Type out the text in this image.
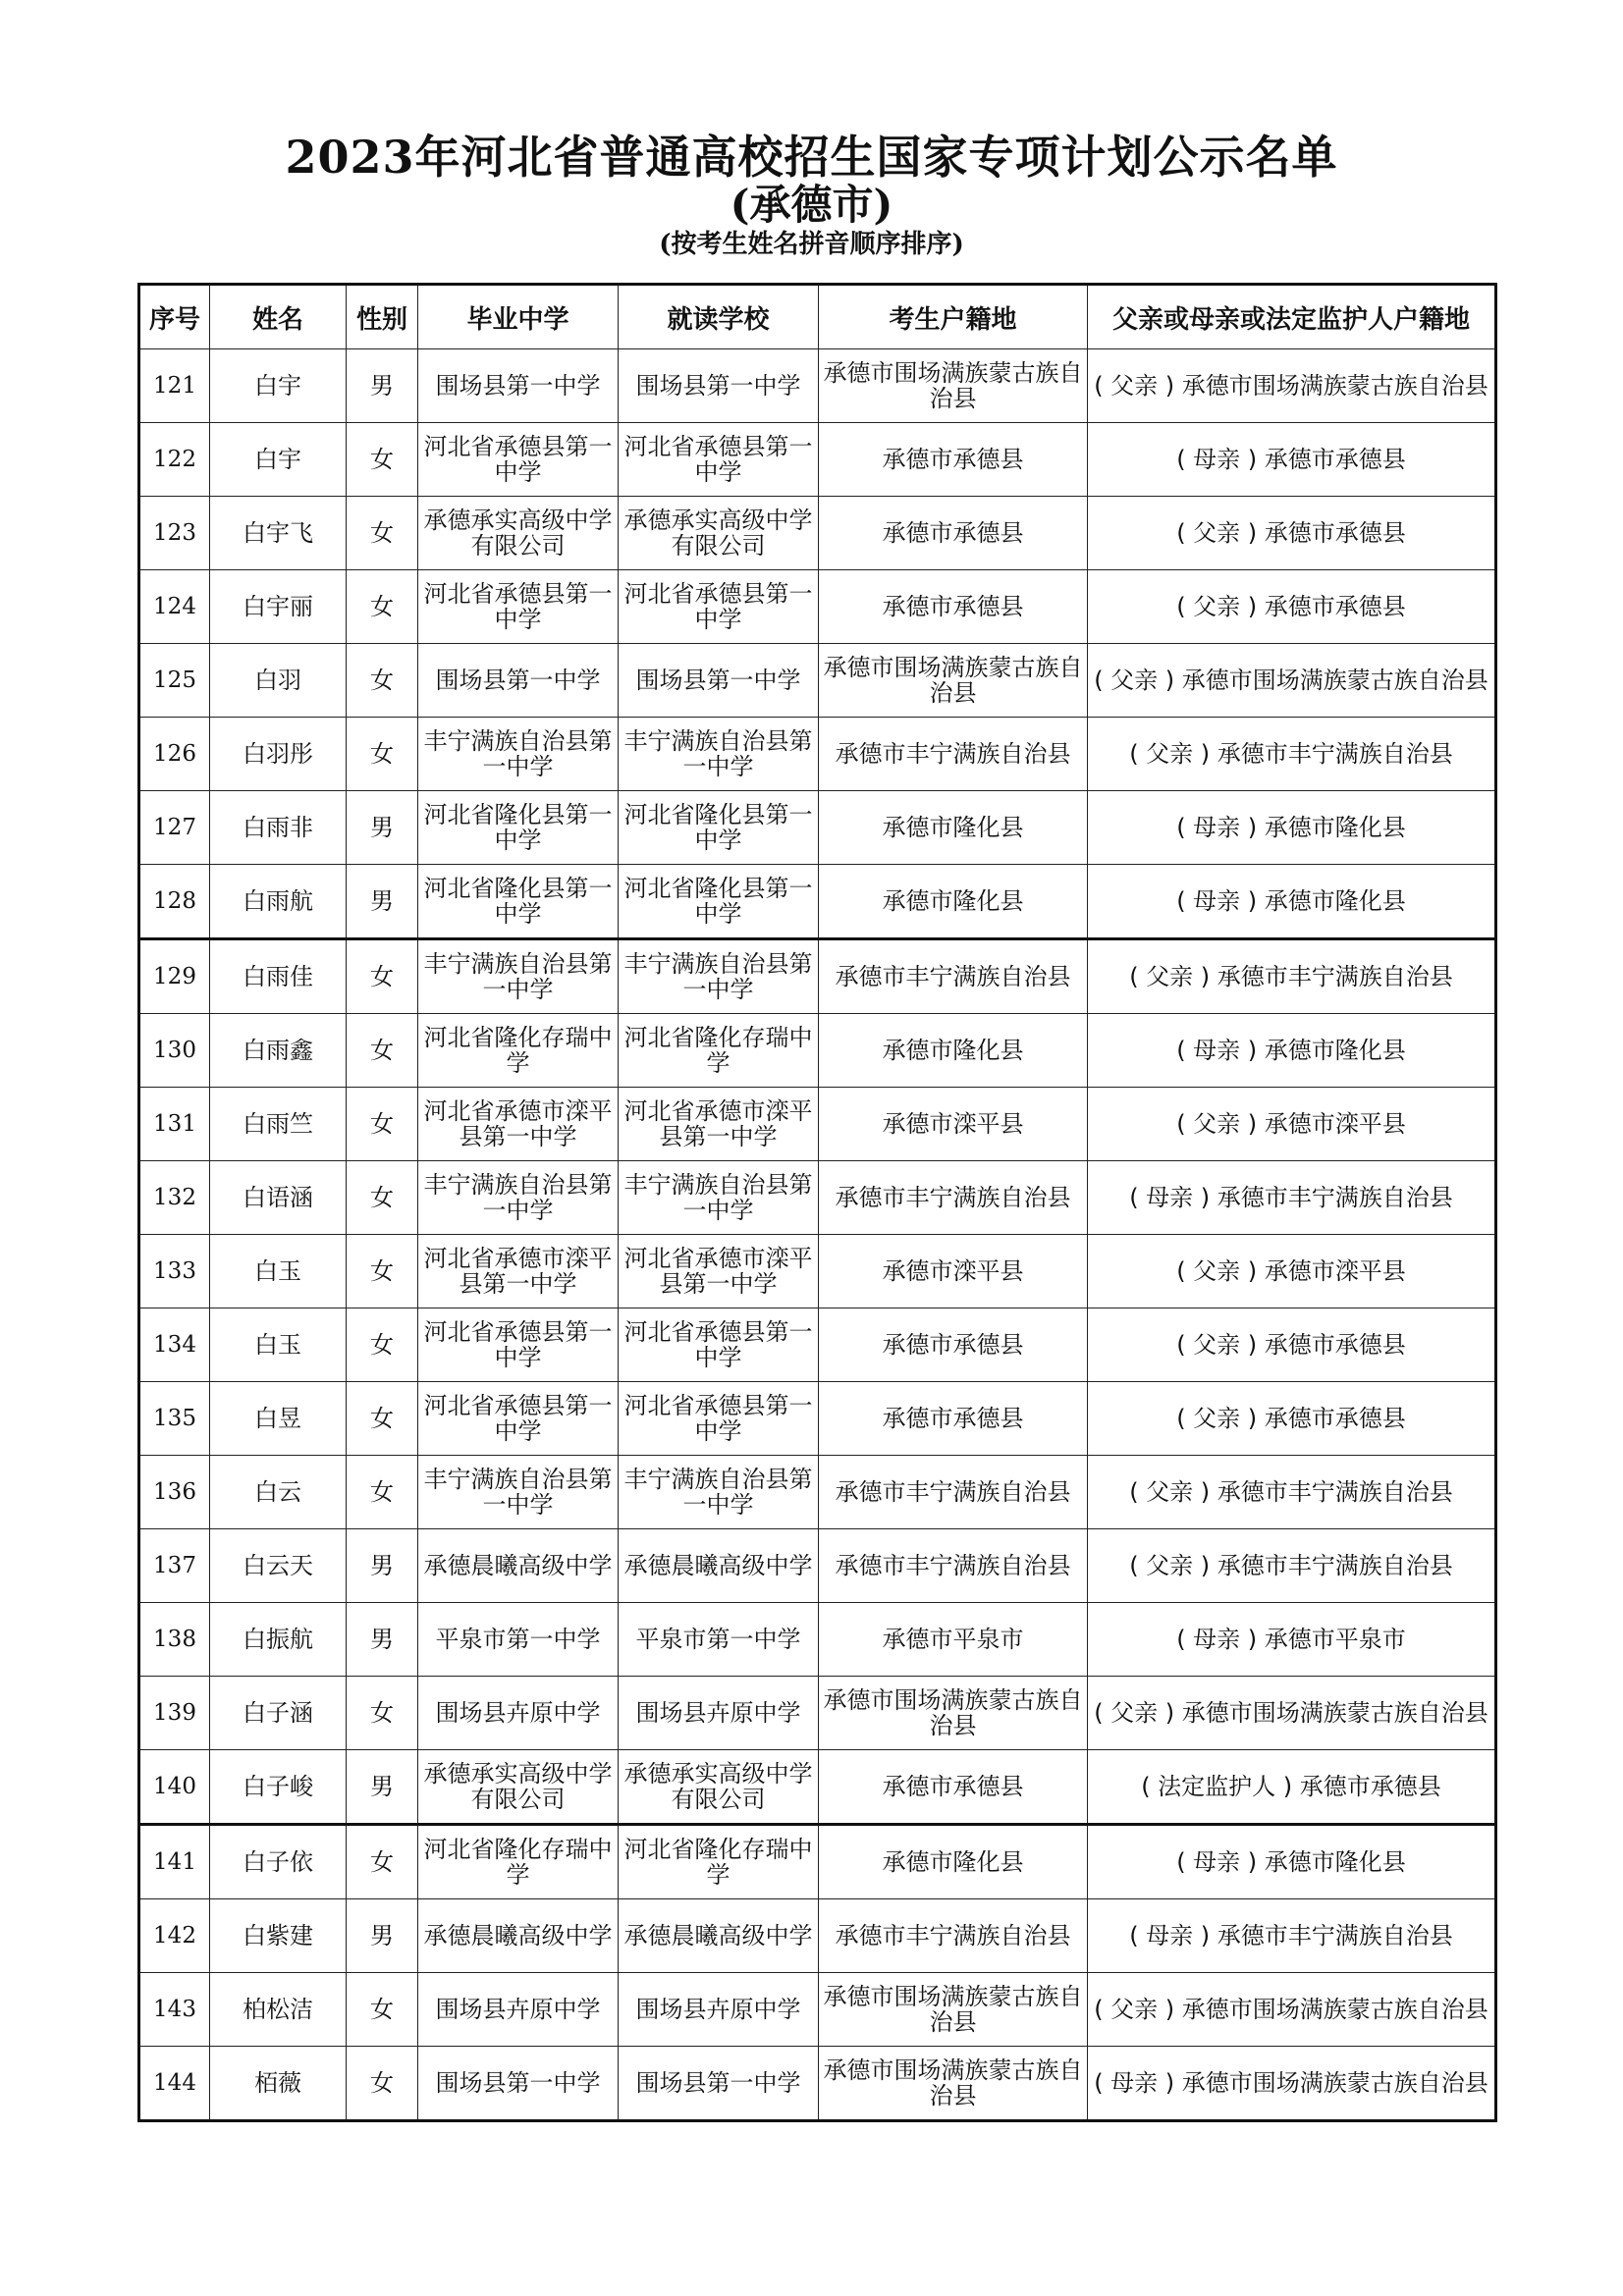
2023年河北省普通高校招生国家专项计划公示名单
(承德市)
(按考生姓名拼音顺序排序)
序号	姓名	性别	毕业中学	就读学校	考生户籍地	父亲或母亲或法定监护人户籍地
121	白宇	男	围场县第一中学	围场县第一中学	承德市围场满族蒙古族自治县	( 父亲 ) 承德市围场满族蒙古族自治县
122	白宇	女	河北省承德县第一中学	河北省承德县第一中学	承德市承德县	( 母亲 ) 承德市承德县
123	白宇飞	女	承德承实高级中学有限公司	承德承实高级中学有限公司	承德市承德县	( 父亲 ) 承德市承德县
124	白宇丽	女	河北省承德县第一中学	河北省承德县第一中学	承德市承德县	( 父亲 ) 承德市承德县
125	白羽	女	围场县第一中学	围场县第一中学	承德市围场满族蒙古族自治县	( 父亲 ) 承德市围场满族蒙古族自治县
126	白羽彤	女	丰宁满族自治县第一中学	丰宁满族自治县第一中学	承德市丰宁满族自治县	( 父亲 ) 承德市丰宁满族自治县
127	白雨非	男	河北省隆化县第一中学	河北省隆化县第一中学	承德市隆化县	( 母亲 ) 承德市隆化县
128	白雨航	男	河北省隆化县第一中学	河北省隆化县第一中学	承德市隆化县	( 母亲 ) 承德市隆化县
129	白雨佳	女	丰宁满族自治县第一中学	丰宁满族自治县第一中学	承德市丰宁满族自治县	( 父亲 ) 承德市丰宁满族自治县
130	白雨鑫	女	河北省隆化存瑞中学	河北省隆化存瑞中学	承德市隆化县	( 母亲 ) 承德市隆化县
131	白雨竺	女	河北省承德市滦平县第一中学	河北省承德市滦平县第一中学	承德市滦平县	( 父亲 ) 承德市滦平县
132	白语涵	女	丰宁满族自治县第一中学	丰宁满族自治县第一中学	承德市丰宁满族自治县	( 母亲 ) 承德市丰宁满族自治县
133	白玉	女	河北省承德市滦平县第一中学	河北省承德市滦平县第一中学	承德市滦平县	( 父亲 ) 承德市滦平县
134	白玉	女	河北省承德县第一中学	河北省承德县第一中学	承德市承德县	( 父亲 ) 承德市承德县
135	白昱	女	河北省承德县第一中学	河北省承德县第一中学	承德市承德县	( 父亲 ) 承德市承德县
136	白云	女	丰宁满族自治县第一中学	丰宁满族自治县第一中学	承德市丰宁满族自治县	( 父亲 ) 承德市丰宁满族自治县
137	白云天	男	承德晨曦高级中学	承德晨曦高级中学	承德市丰宁满族自治县	( 父亲 ) 承德市丰宁满族自治县
138	白振航	男	平泉市第一中学	平泉市第一中学	承德市平泉市	( 母亲 ) 承德市平泉市
139	白子涵	女	围场县卉原中学	围场县卉原中学	承德市围场满族蒙古族自治县	( 父亲 ) 承德市围场满族蒙古族自治县
140	白子峻	男	承德承实高级中学有限公司	承德承实高级中学有限公司	承德市承德县	( 法定监护人 ) 承德市承德县
141	白子依	女	河北省隆化存瑞中学	河北省隆化存瑞中学	承德市隆化县	( 母亲 ) 承德市隆化县
142	白紫建	男	承德晨曦高级中学	承德晨曦高级中学	承德市丰宁满族自治县	( 母亲 ) 承德市丰宁满族自治县
143	柏松洁	女	围场县卉原中学	围场县卉原中学	承德市围场满族蒙古族自治县	( 父亲 ) 承德市围场满族蒙古族自治县
144	栢薇	女	围场县第一中学	围场县第一中学	承德市围场满族蒙古族自治县	( 母亲 ) 承德市围场满族蒙古族自治县
